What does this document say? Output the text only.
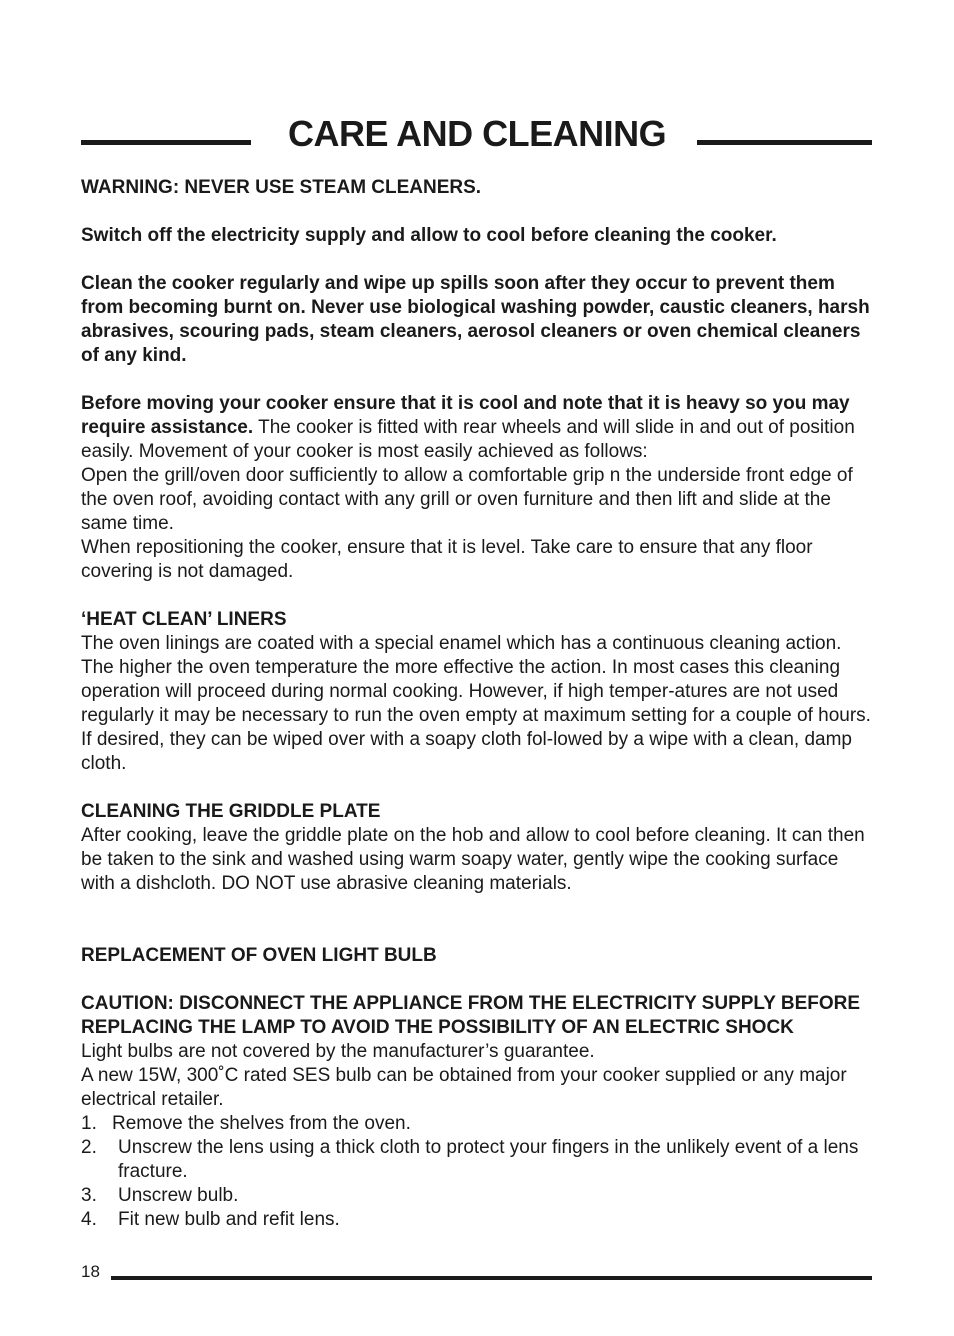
CARE AND CLEANING

WARNING: NEVER USE STEAM CLEANERS.

Switch off the electricity supply and allow to cool before cleaning the cooker.

Clean the cooker regularly and wipe up spills soon after they occur to prevent them from becoming burnt on. Never use biological washing powder, caustic cleaners, harsh abrasives, scouring pads, steam cleaners, aerosol cleaners or oven chemical cleaners of any kind.

Before moving your cooker ensure that it is cool and note that it is heavy so you may require assistance. The cooker is fitted with rear wheels and will slide in and out of position easily. Movement of your cooker is most easily achieved as follows:

Open the grill/oven door sufficiently to allow a comfortable grip n the underside front edge of the oven roof, avoiding contact with any grill or oven furniture and then lift and slide at the same time.

When repositioning the cooker, ensure that it is level. Take care to ensure that any floor covering is not damaged.

‘HEAT CLEAN’ LINERS

The oven linings are coated with a special enamel which has a continuous cleaning action. The higher the oven temperature the more effective the action. In most cases this cleaning operation will proceed during normal cooking. However, if high temper-atures are not used regularly it may be necessary to run the oven empty at maximum setting for a couple of hours. If desired, they can be wiped over with a soapy cloth fol-lowed by a wipe with a clean, damp cloth.

CLEANING THE GRIDDLE PLATE

After cooking, leave the griddle plate on the hob and allow to cool before cleaning. It can then be taken to the sink and washed using warm soapy water, gently wipe the cooking surface with a dishcloth. DO NOT use abrasive cleaning materials.

REPLACEMENT OF OVEN LIGHT BULB

CAUTION: DISCONNECT THE APPLIANCE FROM THE ELECTRICITY SUPPLY BEFORE REPLACING THE LAMP TO AVOID THE POSSIBILITY OF AN ELECTRIC SHOCK

Light bulbs are not covered by the manufacturer’s guarantee.

A new 15W, 300˚C rated SES bulb can be obtained from your cooker supplied or any major electrical retailer.

1. Remove the shelves from the oven.
2. Unscrew the lens using a thick cloth to protect your fingers in the unlikely event of a lens fracture.
3. Unscrew bulb.
4. Fit new bulb and refit lens.
18
